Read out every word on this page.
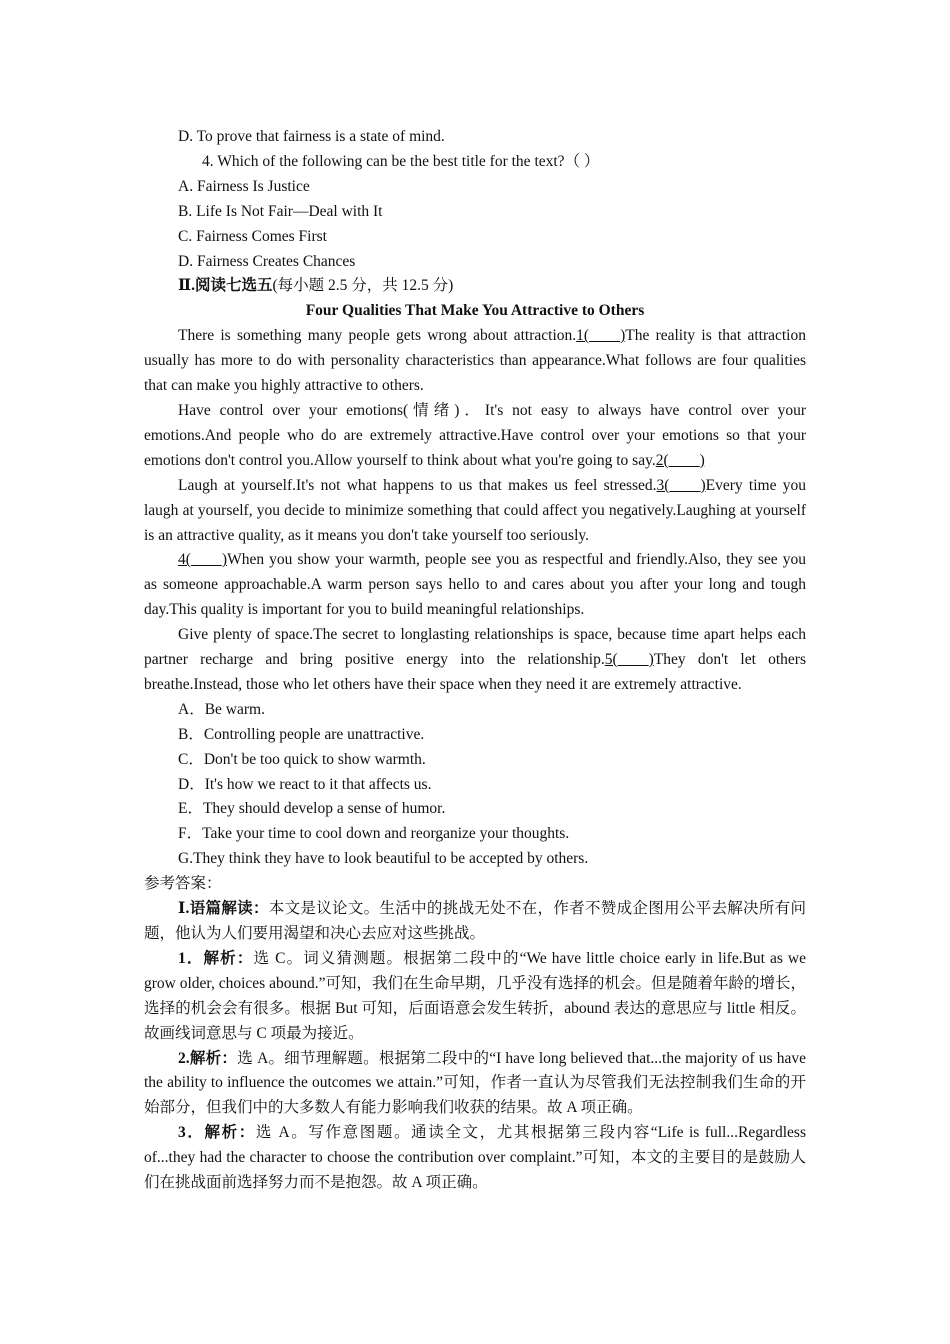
D. To prove that fairness is a state of mind.

4. Which of the following can be the best title for the text?（ ）

A. Fairness Is Justice

B. Life Is Not Fair—Deal with It

C. Fairness Comes First

D. Fairness Creates Chances

Ⅱ.阅读七选五(每小题 2.5 分，共 12.5 分)

Four Qualities That Make You Attractive to Others

There is something many people gets wrong about attraction.1(____)The reality is that attraction usually has more to do with personality characteristics than appearance.What follows are four qualities that can make you highly attractive to others.

Have control over your emotions(情绪)．It's not easy to always have control over your emotions.And people who do are extremely attractive.Have control over your emotions so that your emotions don't control you.Allow yourself to think about what you're going to say.2(____)

Laugh at yourself.It's not what happens to us that makes us feel stressed.3(____)Every time you laugh at yourself, you decide to minimize something that could affect you negatively.Laughing at yourself is an attractive quality, as it means you don't take yourself too seriously.

4(____)When you show your warmth, people see you as respectful and friendly.Also, they see you as someone approachable.A warm person says hello to and cares about you after your long and tough day.This quality is important for you to build meaningful relationships.

Give plenty of space.The secret to longlasting relationships is space, because time apart helps each partner recharge and bring positive energy into the relationship.5(____)They don't let others breathe.Instead, those who let others have their space when they need it are extremely attractive.

A．Be warm.

B．Controlling people are unattractive.

C．Don't be too quick to show warmth.

D．It's how we react to it that affects us.

E．They should develop a sense of humor.

F．Take your time to cool down and reorganize your thoughts.

G.They think they have to look beautiful to be accepted by others.

参考答案：

Ⅰ.语篇解读：本文是议论文。生活中的挑战无处不在，作者不赞成企图用公平去解决所有问题，他认为人们要用渴望和决心去应对这些挑战。

1．解析：选 C。词义猜测题。根据第二段中的“We have little choice early in life.But as we grow older, choices abound.”可知，我们在生命早期，几乎没有选择的机会。但是随着年龄的增长，选择的机会会有很多。根据 But 可知，后面语意会发生转折，abound 表达的意思应与 little 相反。故画线词意思与 C 项最为接近。

2.解析：选 A。细节理解题。根据第二段中的“I have long believed that...the majority of us have the ability to influence the outcomes we attain.”可知，作者一直认为尽管我们无法控制我们生命的开始部分，但我们中的大多数人有能力影响我们收获的结果。故 A 项正确。

3．解析：选 A。写作意图题。通读全文，尤其根据第三段内容“Life is full...Regardless of...they had the character to choose the contribution over complaint.”可知，本文的主要目的是鼓励人们在挑战面前选择努力而不是抱怨。故 A 项正确。
